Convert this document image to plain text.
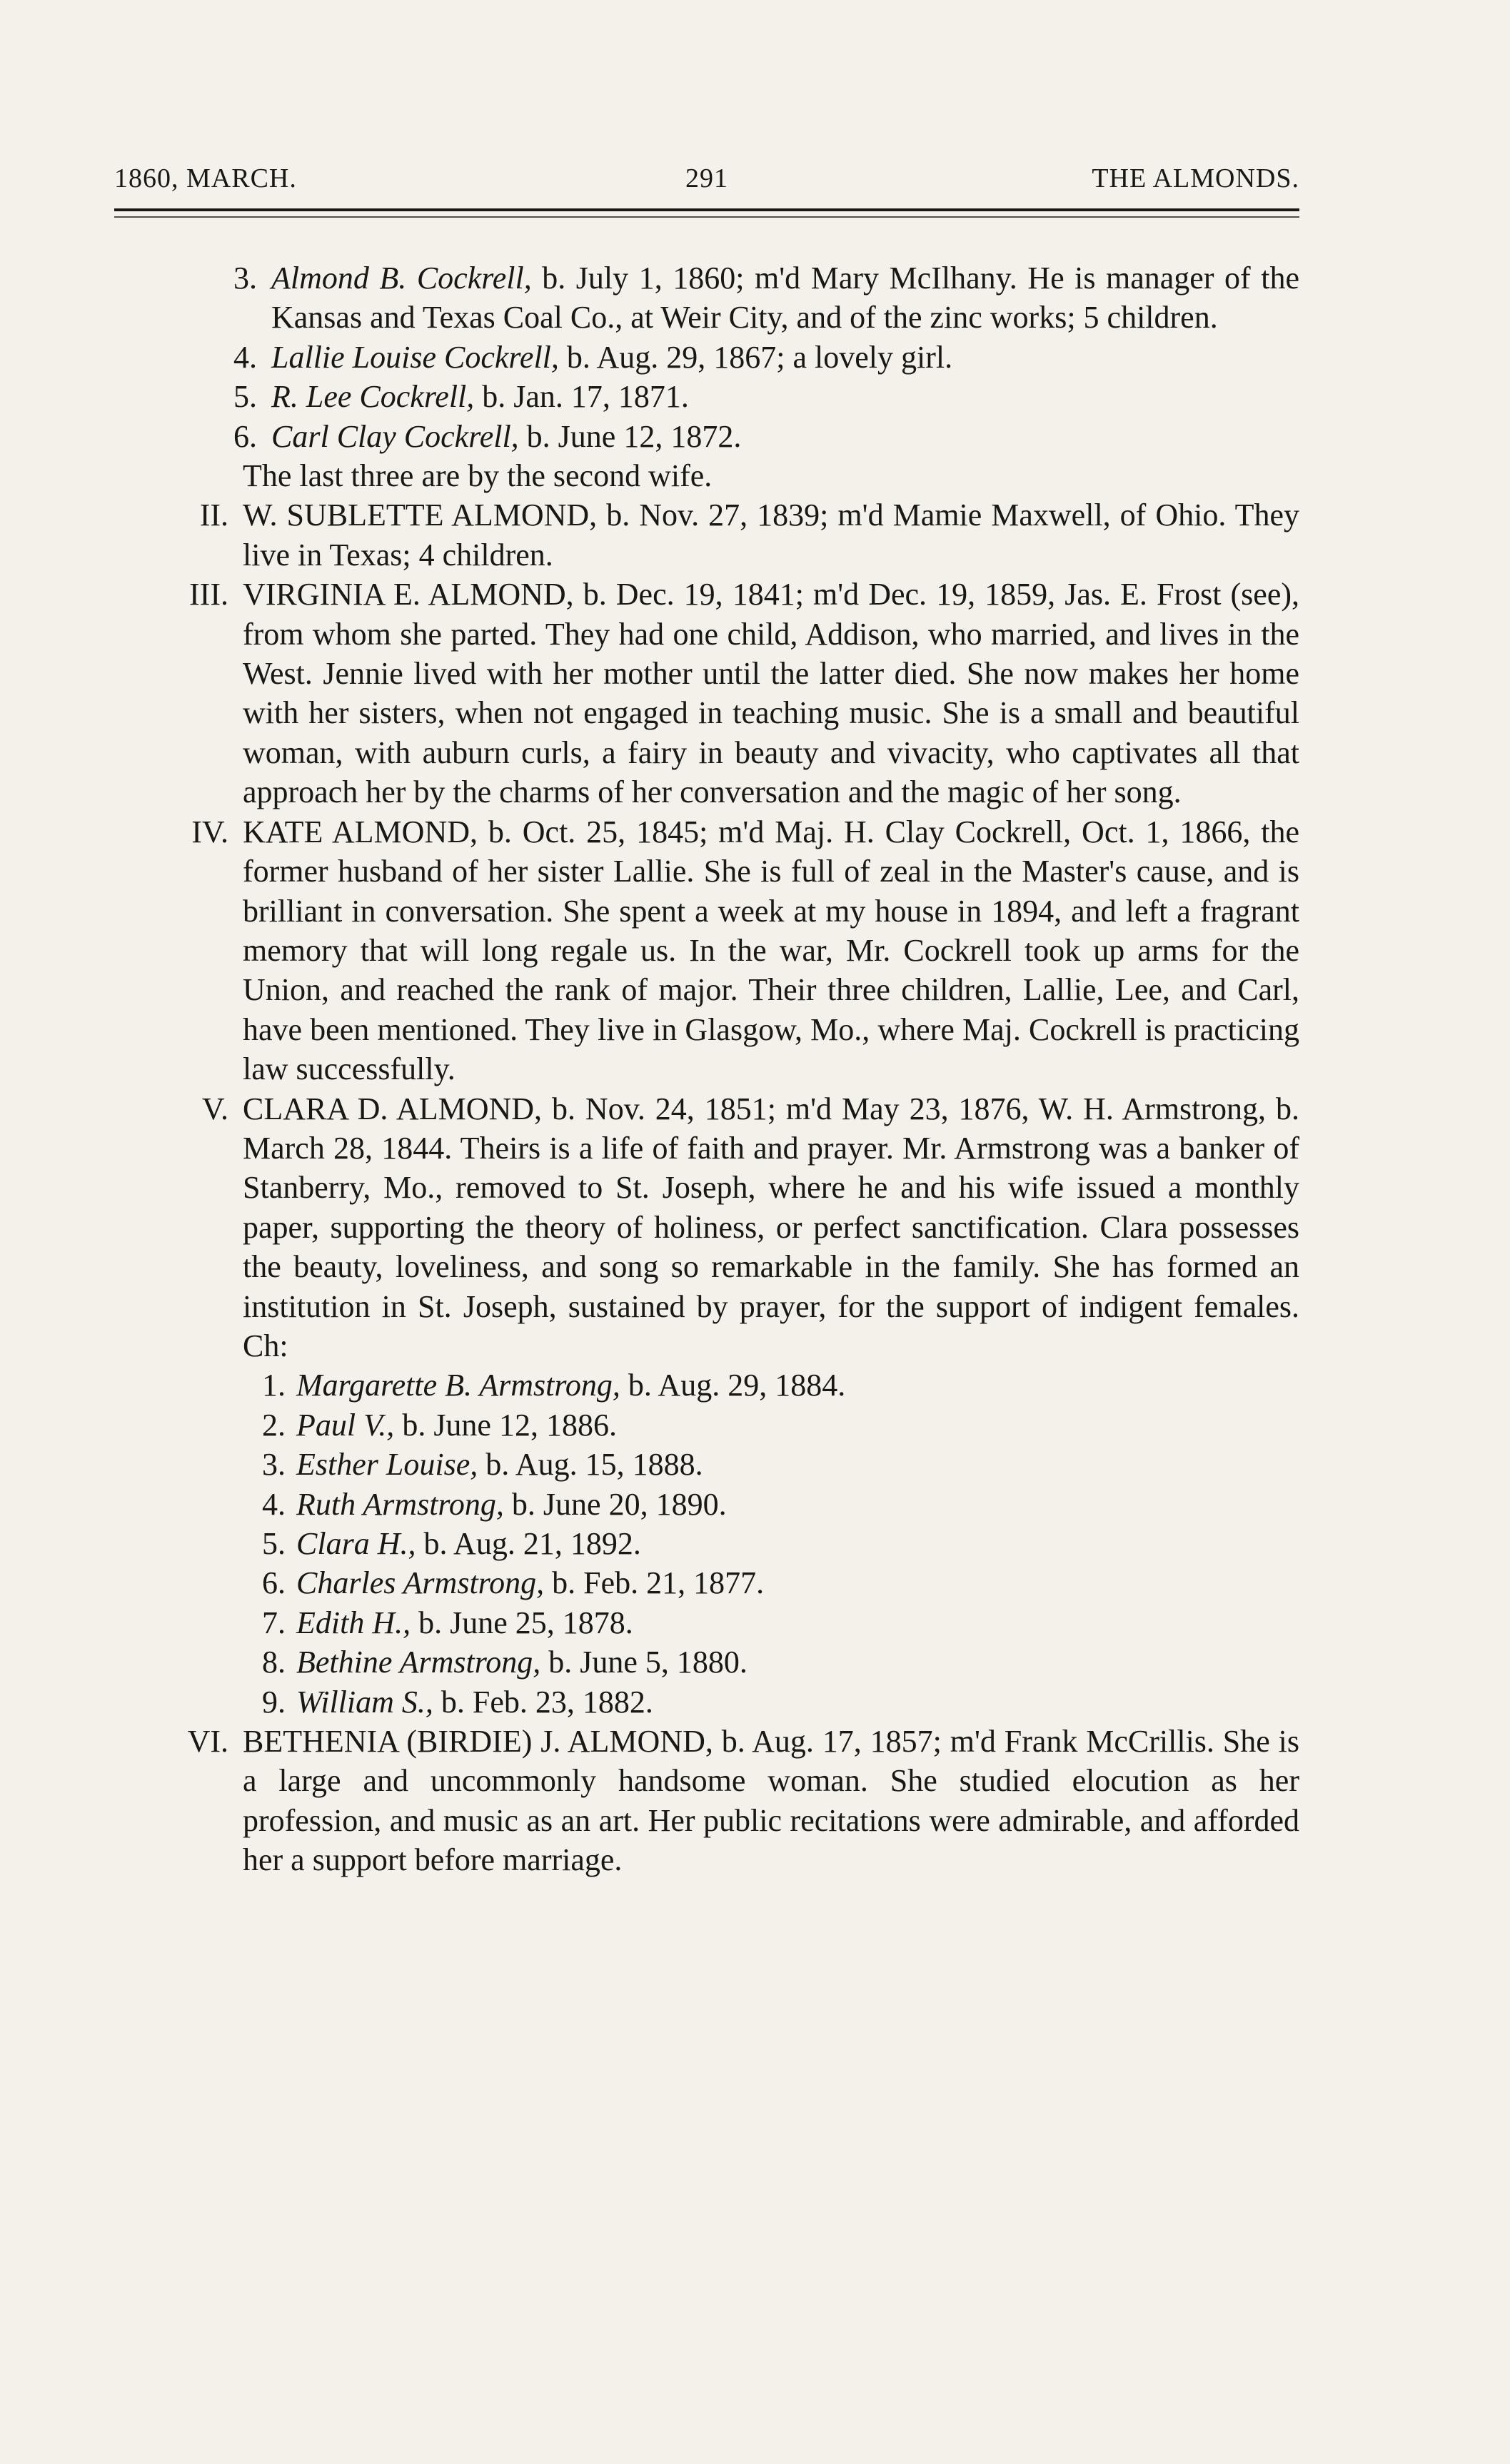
1860, MARCH.	291	THE ALMONDS.

3. Almond B. Cockrell, b. July 1, 1860; m'd Mary McIlhany. He is manager of the Kansas and Texas Coal Co., at Weir City, and of the zinc works; 5 children.

4. Lallie Louise Cockrell, b. Aug. 29, 1867; a lovely girl.

5. R. Lee Cockrell, b. Jan. 17, 1871.

6. Carl Clay Cockrell, b. June 12, 1872.

The last three are by the second wife.

II. W. SUBLETTE ALMOND, b. Nov. 27, 1839; m'd Mamie Maxwell, of Ohio. They live in Texas; 4 children.

III. VIRGINIA E. ALMOND, b. Dec. 19, 1841; m'd Dec. 19, 1859, Jas. E. Frost (see), from whom she parted. They had one child, Addison, who married, and lives in the West. Jennie lived with her mother until the latter died. She now makes her home with her sisters, when not engaged in teaching music. She is a small and beautiful woman, with auburn curls, a fairy in beauty and vivacity, who captivates all that approach her by the charms of her conversation and the magic of her song.

IV. KATE ALMOND, b. Oct. 25, 1845; m'd Maj. H. Clay Cockrell, Oct. 1, 1866, the former husband of her sister Lallie. She is full of zeal in the Master's cause, and is brilliant in conversation. She spent a week at my house in 1894, and left a fragrant memory that will long regale us. In the war, Mr. Cockrell took up arms for the Union, and reached the rank of major. Their three children, Lallie, Lee, and Carl, have been mentioned. They live in Glasgow, Mo., where Maj. Cockrell is practicing law successfully.

V. CLARA D. ALMOND, b. Nov. 24, 1851; m'd May 23, 1876, W. H. Armstrong, b. March 28, 1844. Theirs is a life of faith and prayer. Mr. Armstrong was a banker of Stanberry, Mo., removed to St. Joseph, where he and his wife issued a monthly paper, supporting the theory of holiness, or perfect sanctification. Clara possesses the beauty, loveliness, and song so remarkable in the family. She has formed an institution in St. Joseph, sustained by prayer, for the support of indigent females. Ch:

1. Margarette B. Armstrong, b. Aug. 29, 1884.

2. Paul V., b. June 12, 1886.

3. Esther Louise, b. Aug. 15, 1888.

4. Ruth Armstrong, b. June 20, 1890.

5. Clara H., b. Aug. 21, 1892.

6. Charles Armstrong, b. Feb. 21, 1877.

7. Edith H., b. June 25, 1878.

8. Bethine Armstrong, b. June 5, 1880.

9. William S., b. Feb. 23, 1882.

VI. BETHENIA (BIRDIE) J. ALMOND, b. Aug. 17, 1857; m'd Frank McCrillis. She is a large and uncommonly handsome woman. She studied elocution as her profession, and music as an art. Her public recitations were admirable, and afforded her a support before marriage.
